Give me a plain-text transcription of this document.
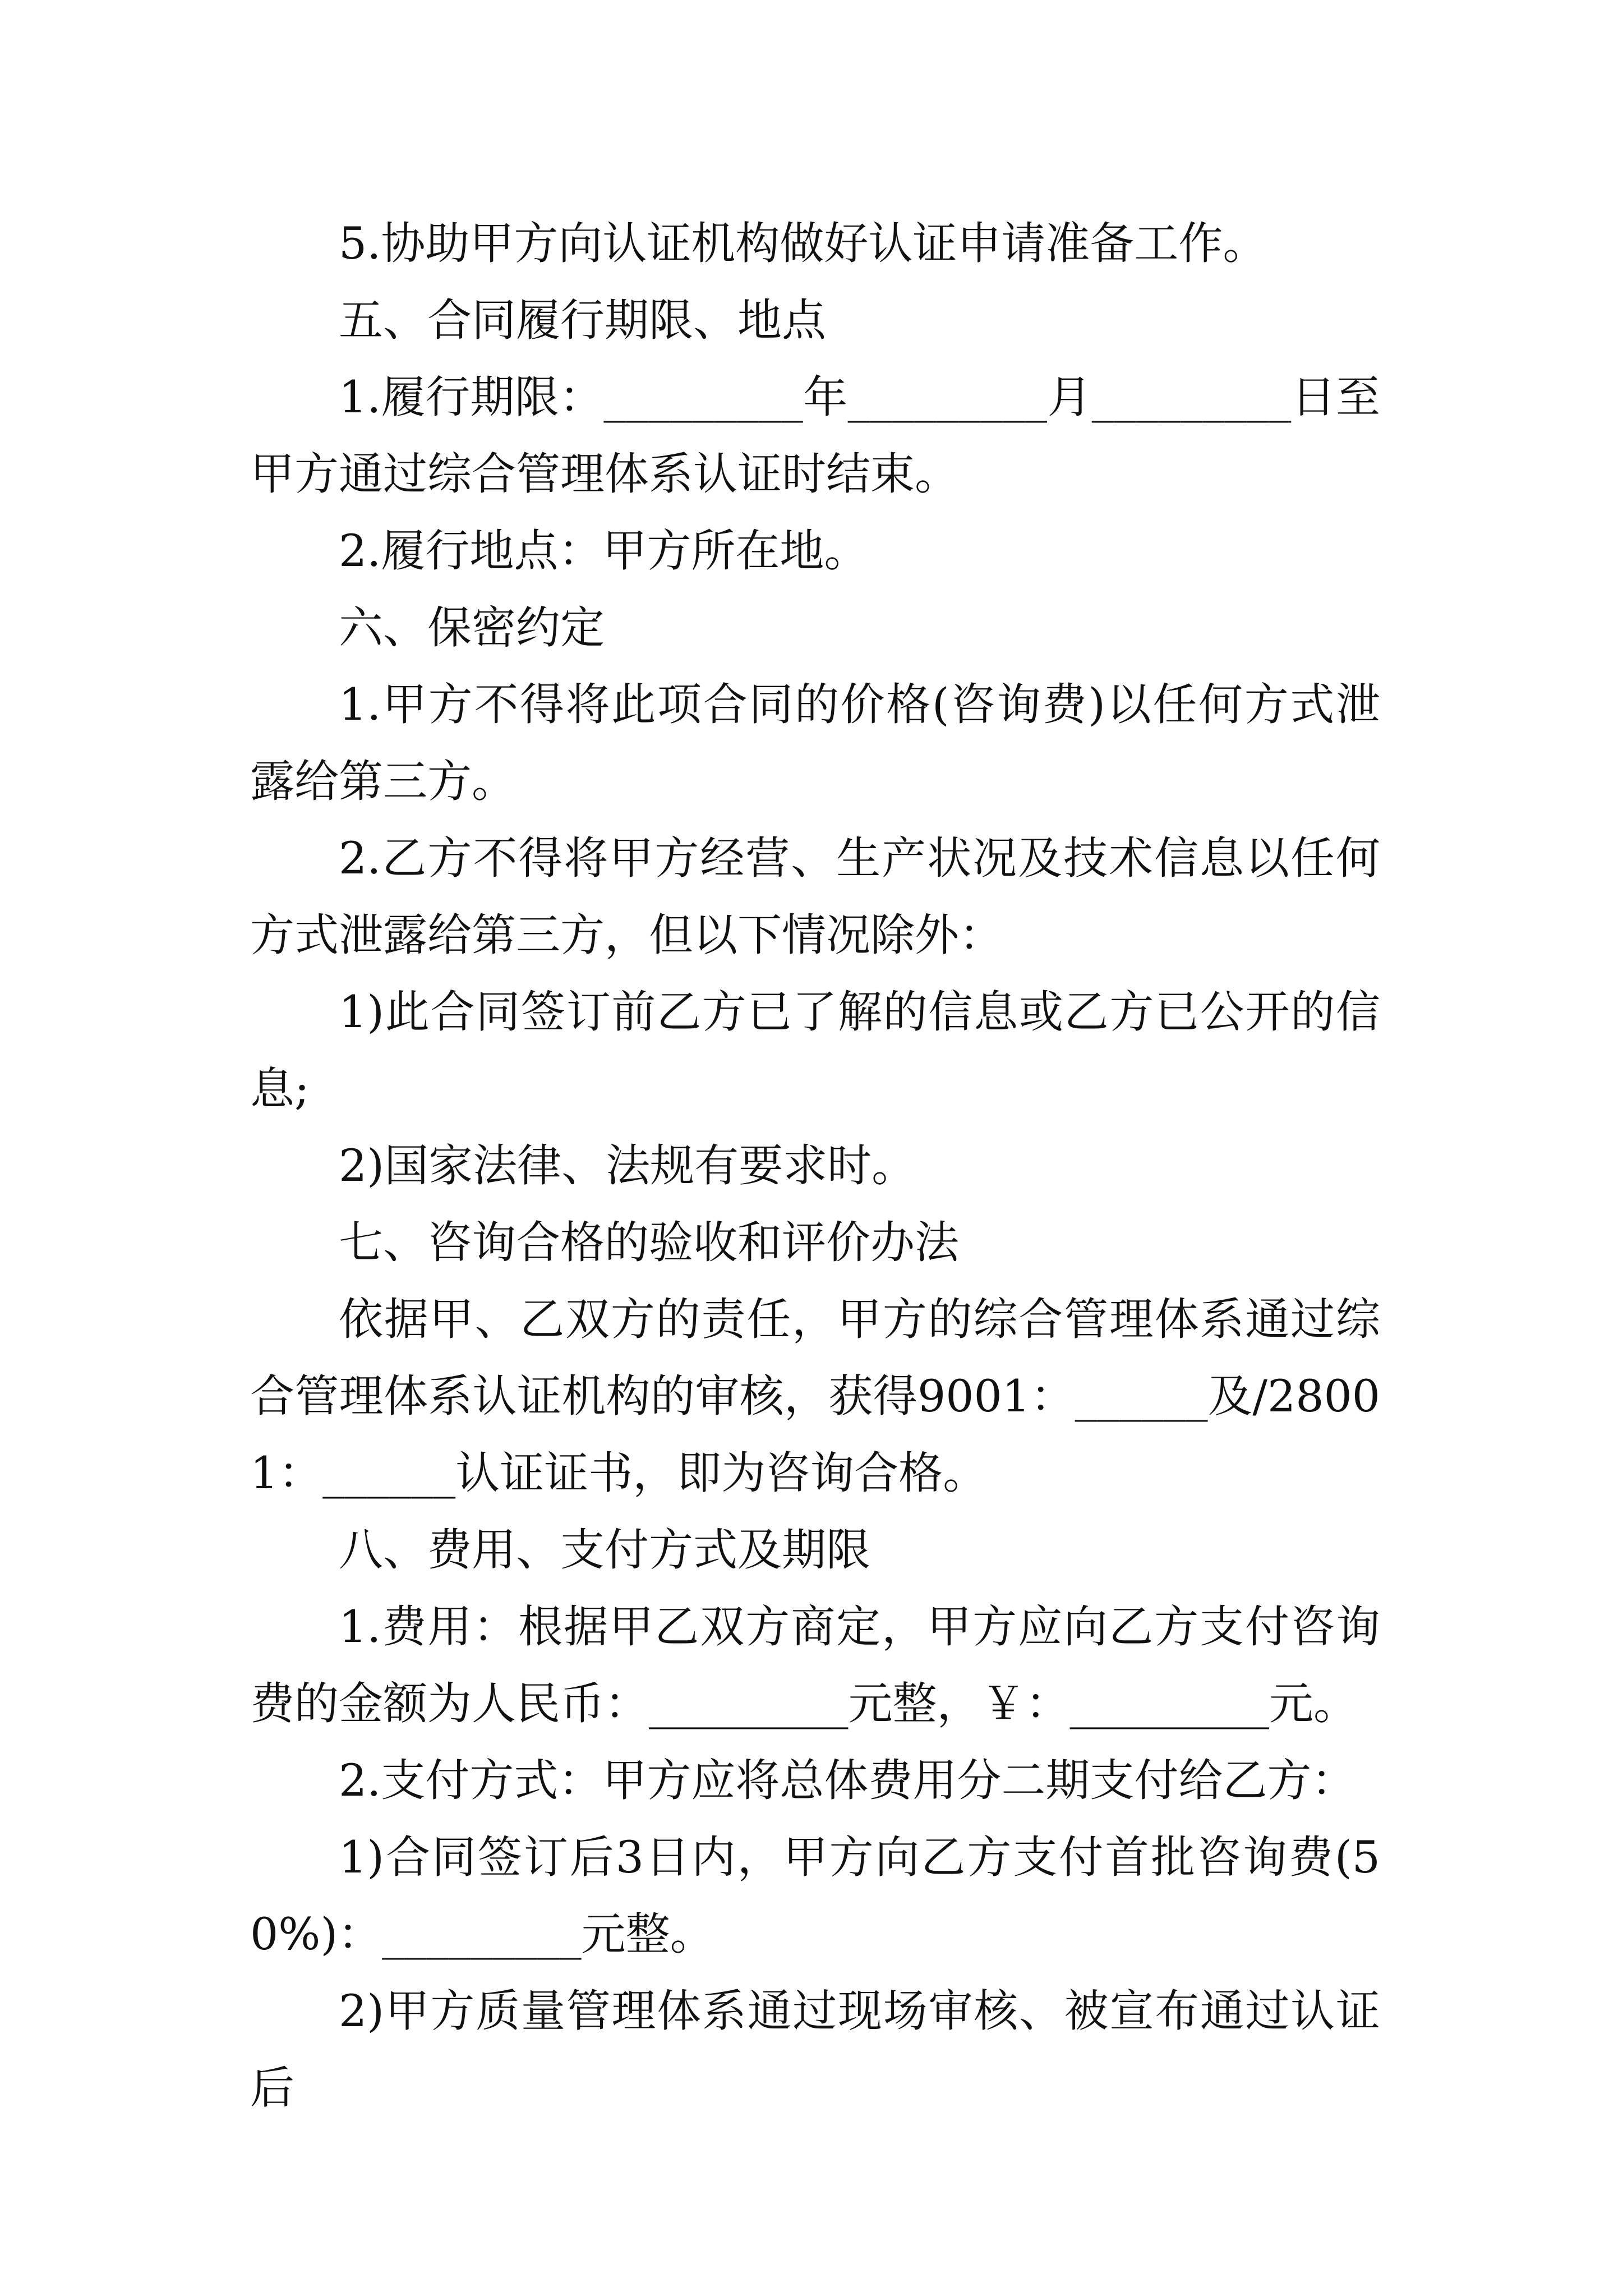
5.协助甲方向认证机构做好认证申请准备工作。

五、合同履行期限、地点

1.履行期限：_________年_________月_________日至甲方通过综合管理体系认证时结束。

2.履行地点：甲方所在地。

六、保密约定

1.甲方不得将此项合同的价格(咨询费)以任何方式泄露给第三方。

2.乙方不得将甲方经营、生产状况及技术信息以任何方式泄露给第三方，但以下情况除外：

1)此合同签订前乙方已了解的信息或乙方已公开的信息;

2)国家法律、法规有要求时。

七、咨询合格的验收和评价办法

依据甲、乙双方的责任，甲方的综合管理体系通过综合管理体系认证机构的审核，获得9001：______及/28001：______认证证书，即为咨询合格。

八、费用、支付方式及期限

1.费用：根据甲乙双方商定，甲方应向乙方支付咨询费的金额为人民币：_________元整，￥：_________元。

2.支付方式：甲方应将总体费用分二期支付给乙方：

1)合同签订后3日内，甲方向乙方支付首批咨询费(50%)：_________元整。

2)甲方质量管理体系通过现场审核、被宣布通过认证后
